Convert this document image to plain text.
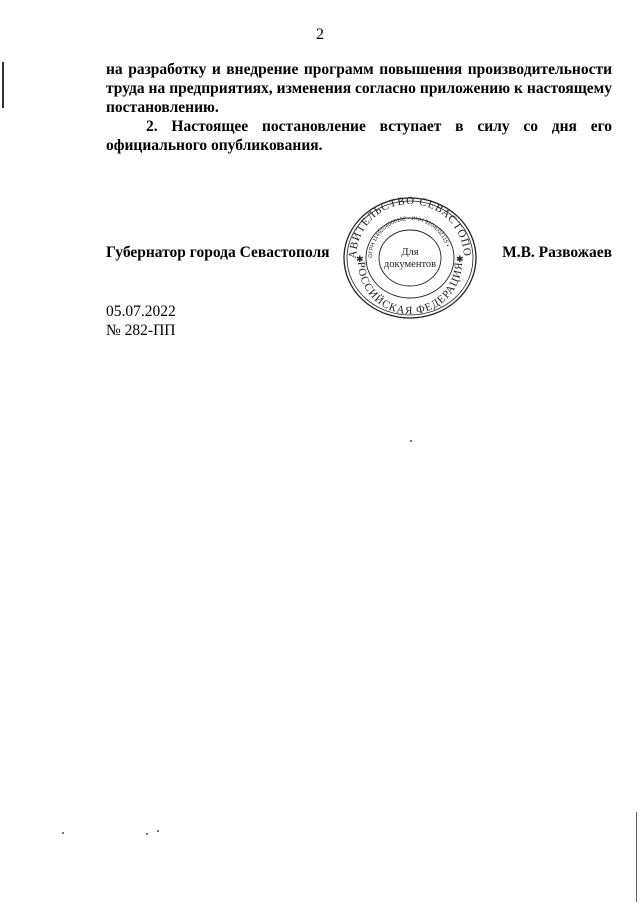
2

на разработку и внедрение программ повышения производительности труда на предприятиях, изменения согласно приложению к настоящему постановлению.

2. Настоящее постановление вступает в силу со дня его официального опубликования.

Губернатор города Севастополя	М.В. Развожаев
АВИТЕЛЬСТВО СЕВАСТОПО
РОССИЙСКАЯ ФЕДЕРАЦИЯ
ОГРН 1149204000132 • ИНН 9204002115 •
✱	✱
Для
документов
05.07.2022
№ 282-ПП
